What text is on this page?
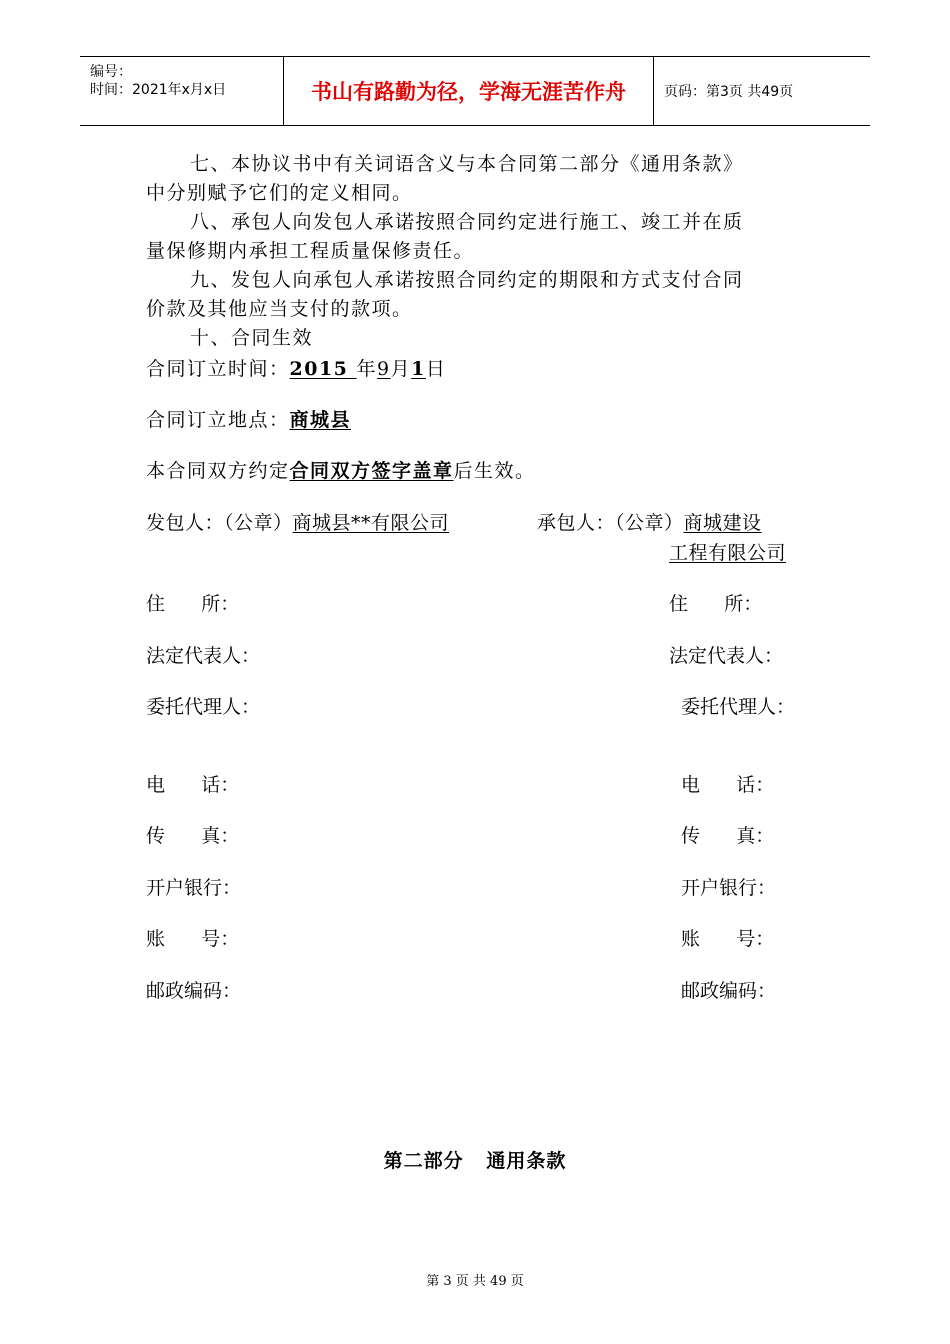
编号：
时间：2021年x月x日	书山有路勤为径，学海无涯苦作舟	页码：第3页 共49页
七、本协议书中有关词语含义与本合同第二部分《通用条款》
中分别赋予它们的定义相同。
八、承包人向发包人承诺按照合同约定进行施工、竣工并在质
量保修期内承担工程质量保修责任。
九、发包人向承包人承诺按照合同约定的期限和方式支付合同
价款及其他应当支付的款项。
十、合同生效
合同订立时间：2015 年9月1日
合同订立地点：商城县
本合同双方约定合同双方签字盖章后生效。
发包人：（公章）商城县**有限公司	承包人：（公章）商城建设
工程有限公司
住      所：	住      所：
法定代表人：	法定代表人：
委托代理人：	委托代理人：
电      话：	电      话：
传      真：	传      真：
开户银行：	开户银行：
账      号：	账      号：
邮政编码：	邮政编码：
第二部分   通用条款
第 3 页 共 49 页
